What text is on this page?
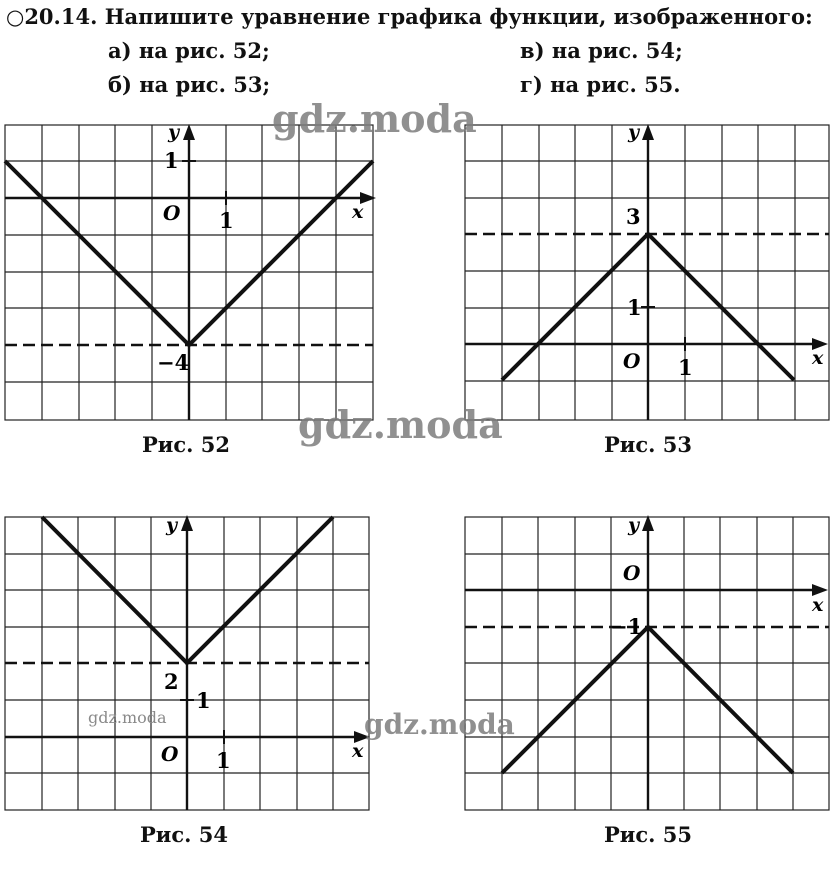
○20.14. Напишите уравнение графика функции, изображенного:
а) на рис. 52;
б) на рис. 53;
в) на рис. 54;
г) на рис. 55.
y
x
O
1
1
−4
Рис. 52
y
x
O
3
1
1
Рис. 53
y
x
O
2
1
1
Рис. 54
y
x
O
−1
Рис. 55
gdz.moda
gdz.moda
gdz.moda
gdz.moda
